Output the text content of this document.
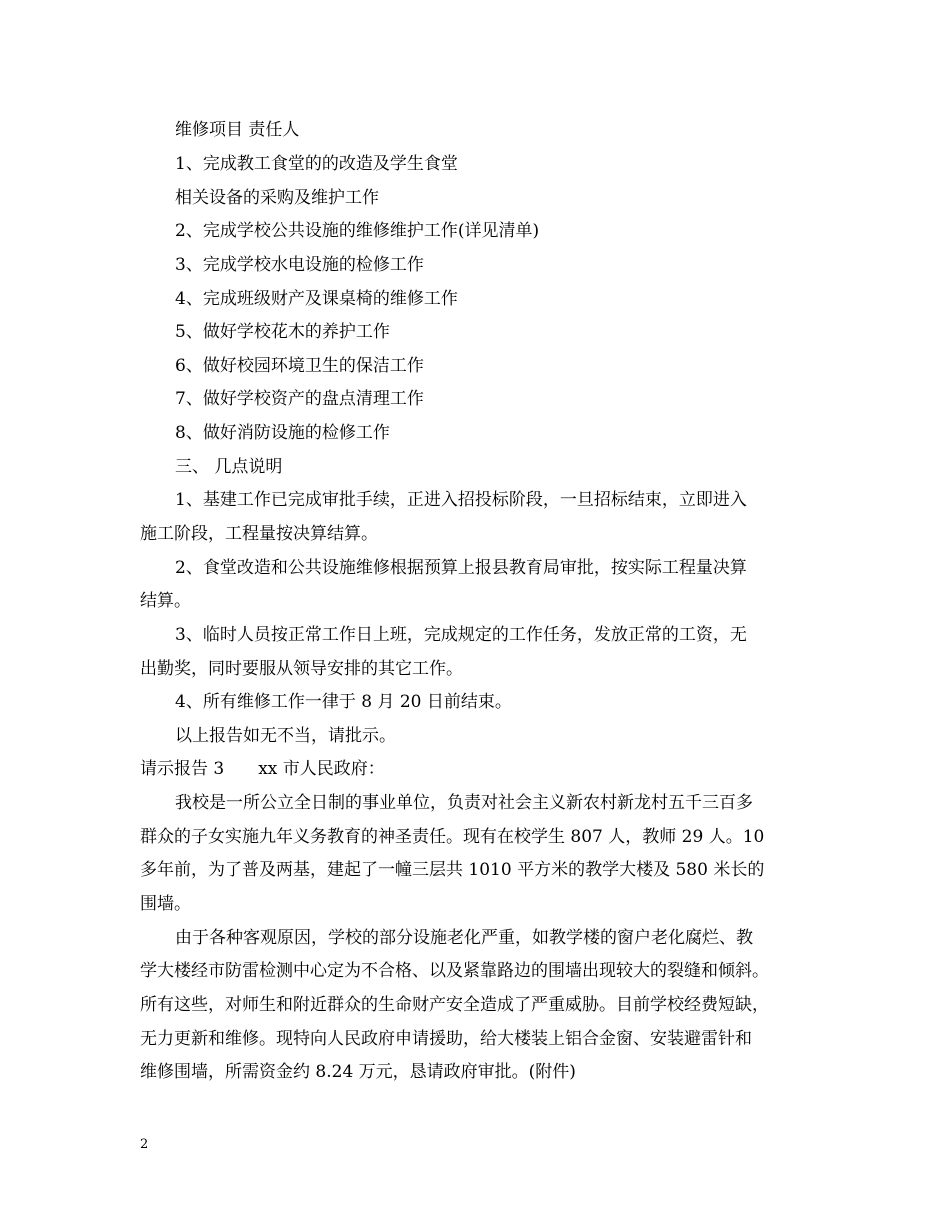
维修项目 责任人
1、完成教工食堂的的改造及学生食堂
相关设备的采购及维护工作
2、完成学校公共设施的维修维护工作(详见清单)
3、完成学校水电设施的检修工作
4、完成班级财产及课桌椅的维修工作
5、做好学校花木的养护工作
6、做好校园环境卫生的保洁工作
7、做好学校资产的盘点清理工作
8、做好消防设施的检修工作
三、 几点说明
1、基建工作已完成审批手续，正进入招投标阶段，一旦招标结束，立即进入
施工阶段，工程量按决算结算。
2、食堂改造和公共设施维修根据预算上报县教育局审批，按实际工程量决算
结算。
3、临时人员按正常工作日上班，完成规定的工作任务，发放正常的工资，无
出勤奖，同时要服从领导安排的其它工作。
4、所有维修工作一律于 8 月 20 日前结束。
以上报告如无不当，请批示。
请示报告 3　　xx 市人民政府：
我校是一所公立全日制的事业单位，负责对社会主义新农村新龙村五千三百多
群众的子女实施九年义务教育的神圣责任。现有在校学生 807 人，教师 29 人。10
多年前，为了普及两基，建起了一幢三层共 1010 平方米的教学大楼及 580 米长的
围墙。
由于各种客观原因，学校的部分设施老化严重，如教学楼的窗户老化腐烂、教
学大楼经市防雷检测中心定为不合格、以及紧靠路边的围墙出现较大的裂缝和倾斜。
所有这些，对师生和附近群众的生命财产安全造成了严重威胁。目前学校经费短缺，
无力更新和维修。现特向人民政府申请援助，给大楼装上铝合金窗、安装避雷针和
维修围墙，所需资金约 8.24 万元，恳请政府审批。(附件)
2
